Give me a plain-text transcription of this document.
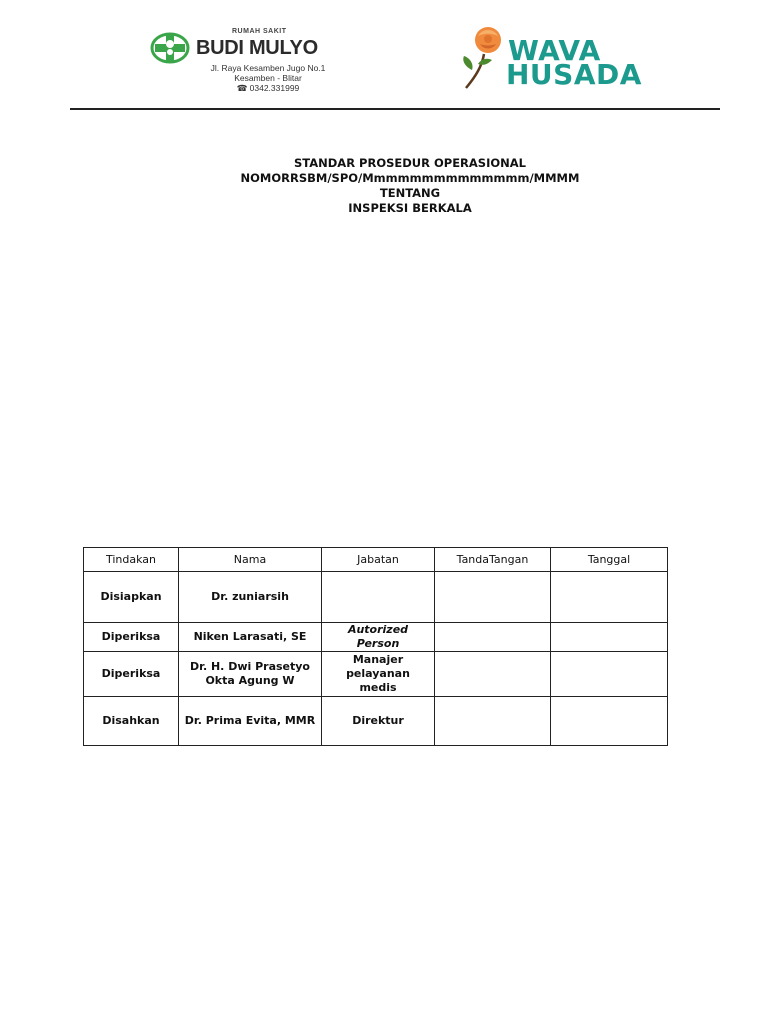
RUMAH SAKIT
BUDI MULYO
Jl. Raya Kesamben Jugo No.1
Kesamben - Blitar
☎ 0342.331999
WAVA
HUSADA
STANDAR PROSEDUR OPERASIONAL
NOMORRSBM/SPO/Mmmmmmmmmmmmmm/MMMM
TENTANG
INSPEKSI BERKALA
Tindakan	Nama	Jabatan	TandaTangan	Tanggal
Disiapkan	Dr. zuniarsih			
Diperiksa	Niken Larasati, SE	Autorized Person		
Diperiksa	Dr. H. Dwi Prasetyo Okta Agung W	Manajer pelayanan medis		
Disahkan	Dr. Prima Evita, MMR	Direktur		
